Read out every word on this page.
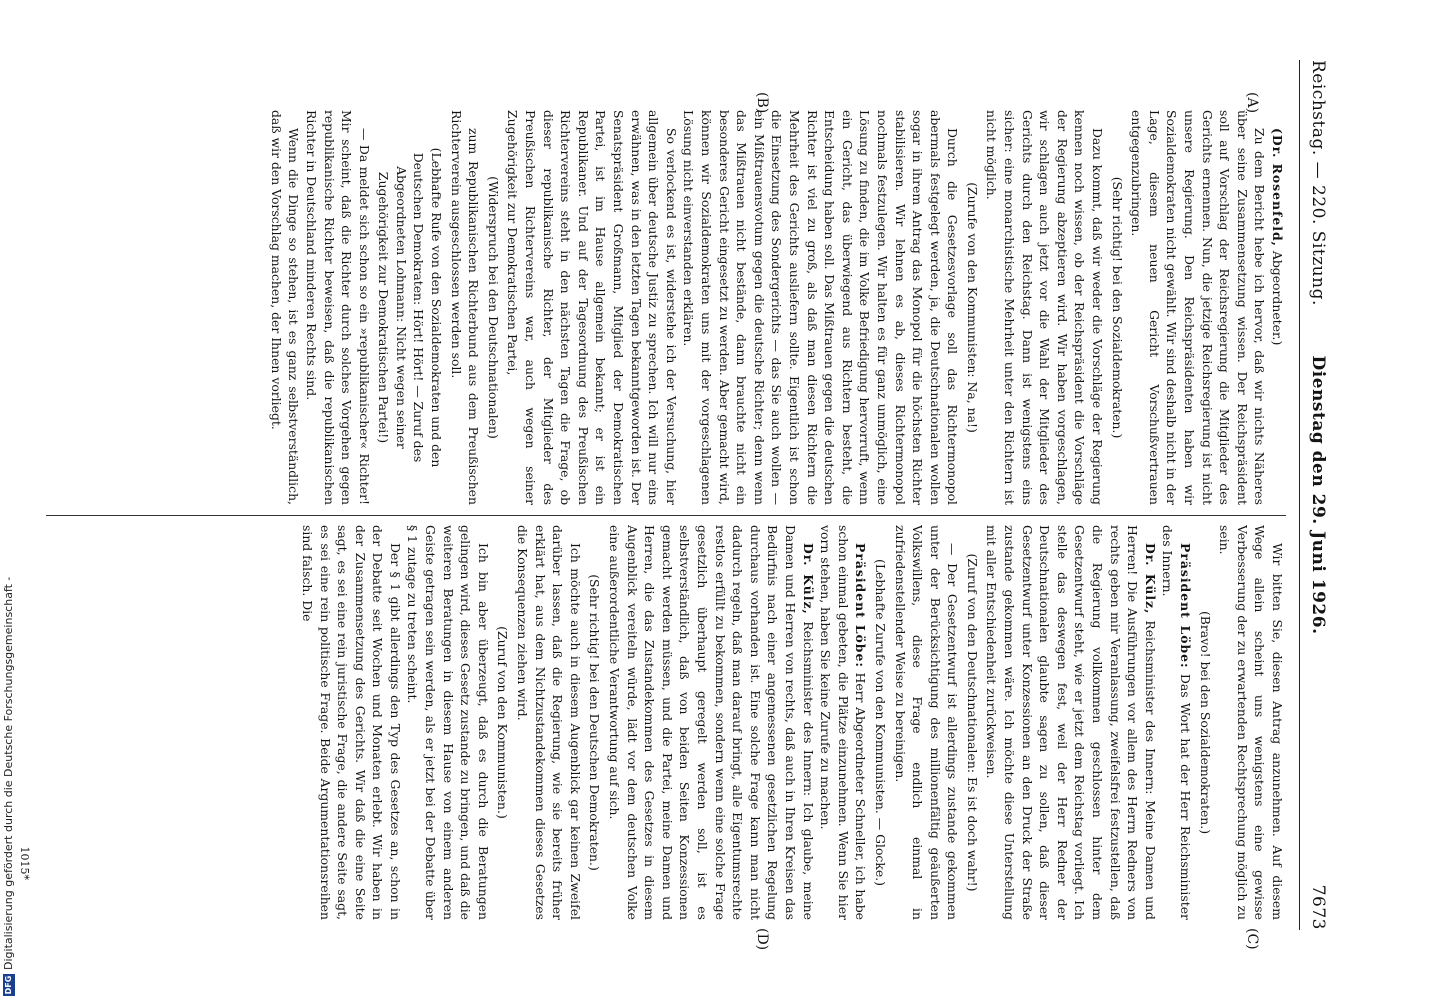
Reichstag. — 220. Sitzung.
Dienstag den 29. Juni 1926.
7673
(A)
(B)
(C)
(D)

(Dr. Rosenfeld, Abgeordneter.)

Zu dem Bericht hebe ich hervor, daß wir nichts Näheres über seine Zusammensetzung wissen. Der Reichspräsident soll auf Vorschlag der Reichsregierung die Mitglieder des Gerichts ernennen. Nun, die jetzige Reichsregierung ist nicht unsere Regierung. Den Reichspräsidenten haben wir Sozialdemokraten nicht gewählt. Wir sind deshalb nicht in der Lage, diesem neuen Gericht Vorschußvertrauen entgegenzubringen.

(Sehr richtig! bei den Sozialdemokraten.)

Dazu kommt, daß wir weder die Vorschläge der Regierung kennen noch wissen, ob der Reichspräsident die Vorschläge der Regierung abzeptieren wird. Wir haben vorgeschlagen, wir schlagen auch jetzt vor die Wahl der Mitglieder des Gerichts durch den Reichstag. Dann ist wenigstens eins sicher: eine monarchistische Mehrheit unter den Richtern ist nicht möglich.

(Zurufe von den Kommunisten: Na, na!)

Durch die Gesetzesvorlage soll das Richtermonopol abermals festgelegt werden, ja, die Deutschnationalen wollen sogar in ihrem Antrag das Monopol für die höchsten Richter stabilisieren. Wir lehnen es ab, dieses Richtermonopol nochmals festzulegen. Wir halten es für ganz unmöglich, eine Lösung zu finden, die im Volke Befriedigung hervorruft, wenn ein Gericht, das überwiegend aus Richtern besteht, die Entscheidung haben soll. Das Mißtrauen gegen die deutschen Richter ist viel zu groß, als daß man diesen Richtern die Mehrheit des Gerichts ausliefern sollte. Eigentlich ist schon die Einsetzung des Sondergerichts — das Sie auch wollen — ein Mißtrauensvotum gegen die deutsche Richter; denn wenn das Mißtrauen nicht bestände, dann brauchte nicht ein besonderes Gericht eingesetzt zu werden. Aber gemacht wird, können wir Sozialdemokraten uns mit der vorgeschlagenen Lösung nicht einverstanden erklären.

So verlockend es ist, widerstehe ich der Versuchung, hier allgemein über deutsche Justiz zu sprechen. Ich will nur eins erwähnen, was in den letzten Tagen bekanntgeworden ist. Der Senatspräsident Großmann, Mitglied der Demokratischen Partei, ist im Hause allgemein bekannt; er ist ein Republikaner. Und auf der Tagesordnung des Preußischen Richtervereins steht in den nächsten Tagen die Frage, ob dieser republikanische Richter, der Mitglieder des Preußischen Richtervereins war, auch wegen seiner Zugehörigkeit zur Demokratischen Partei,

(Widerspruch bei den Deutschnationalen)

zum Republikanischen Richterbund aus dem Preußischen Richterverein ausgeschlossen werden soll.

(Lebhafte Rufe von den Sozialdemokraten und den Deutschen Demokraten: Hört! Hört! — Zuruf des Abgeordneten Lohmann: Nicht wegen seiner Zugehörigkeit zur Demokratischen Partei!)

— Da meldet sich schon so ein »republikanischer« Richter! Mir scheint, daß die Richter durch solches Vorgehen gegen republikanische Richter beweisen, daß die republikanischen Richter in Deutschland minderen Rechts sind.

Wenn die Dinge so stehen, ist es ganz selbstverständlich, daß wir den Vorschlag machen, der Ihnen vorliegt.

Wir bitten Sie, diesen Antrag anzunehmen. Auf diesem Wege allein scheint uns wenigstens eine gewisse Verbesserung der zu erwartenden Rechtsprechung möglich zu sein.

(Bravo! bei den Sozialdemokraten.)

Präsident Löbe: Das Wort hat der Herr Reichsminister des Innern.

Dr. Külz, Reichsminister des Innern: Meine Damen und Herren! Die Ausführungen vor allem des Herrn Redners von rechts geben mir Veranlassung, zweifelsfrei festzustellen, daß die Regierung vollkommen geschlossen hinter dem Gesetzentwurf steht, wie er jetzt dem Reichstag vorliegt. Ich stelle das deswegen fest, weil der Herr Redner der Deutschnationalen glaubte sagen zu sollen, daß dieser Gesetzentwurf unter Konzessionen an den Druck der Straße zustande gekommen wäre. Ich möchte diese Unterstellung mit aller Entschiedenheit zurückweisen.

(Zuruf von den Deutschnationalen: Es ist doch wahr!)

— Der Gesetzentwurf ist allerdings zustande gekommen unter der Berücksichtigung des millionenfältig geäußerten Volkswillens, diese Frage endlich einmal in zufriedenstellender Weise zu bereinigen.

(Lebhafte Zurufe von den Kommunisten. — Glocke.)

Präsident Löbe: Herr Abgeordneter Schneller, ich habe schon einmal gebeten, die Plätze einzunehmen. Wenn Sie hier vorn stehen, haben Sie keine Zurufe zu machen.

Dr. Külz, Reichsminister des Innern: Ich glaube, meine Damen und Herren von rechts, daß auch in Ihren Kreisen das Bedürfnis nach einer angemessenen gesetzlichen Regelung durchaus vorhanden ist. Eine solche Frage kann man nicht dadurch regeln, daß man darauf bringt, alle Eigentumsrechte restlos erfüllt zu bekommen, sondern wenn eine solche Frage gesetzlich überhaupt geregelt werden soll, ist es selbstverständlich, daß von beiden Seiten Konzessionen gemacht werden müssen, und die Partei, meine Damen und Herren, die das Zustandekommen des Gesetzes in diesem Augenblick vereiteln würde, lädt vor dem deutschen Volke eine außerordentliche Verantwortung auf sich.

(Sehr richtig! bei den Deutschen Demokraten.)

Ich möchte auch in diesem Augenblick gar keinen Zweifel darüber lassen, daß die Regierung, wie sie bereits früher erklärt hat, aus dem Nichtzustandekommen dieses Gesetzes die Konsequenzen ziehen wird.

(Zuruf von den Kommunisten.)

Ich bin aber überzeugt, daß es durch die Beratungen gelingen wird, dieses Gesetz zustande zu bringen, und daß die weiteren Beratungen in diesem Hause von einem anderen Geiste getragen sein werden, als er jetzt bei der Debatte über § 1 zutage zu treten scheint.

Der § 1 gibt allerdings den Typ des Gesetzes an, schon in der Debatte seit Wochen und Monaten erlebt. Wir haben in der Zusammensetzung des Gerichts. Wir daß die eine Seite sagt, es sei eine rein juristische Frage, die andere Seite sagt, es sei eine rein politische Frage. Beide Argumentationsreihen sind falsch. Die

1015*
DFG
Digitalisierung gefördert durch die Deutsche Forschungsgemeinschaft -
